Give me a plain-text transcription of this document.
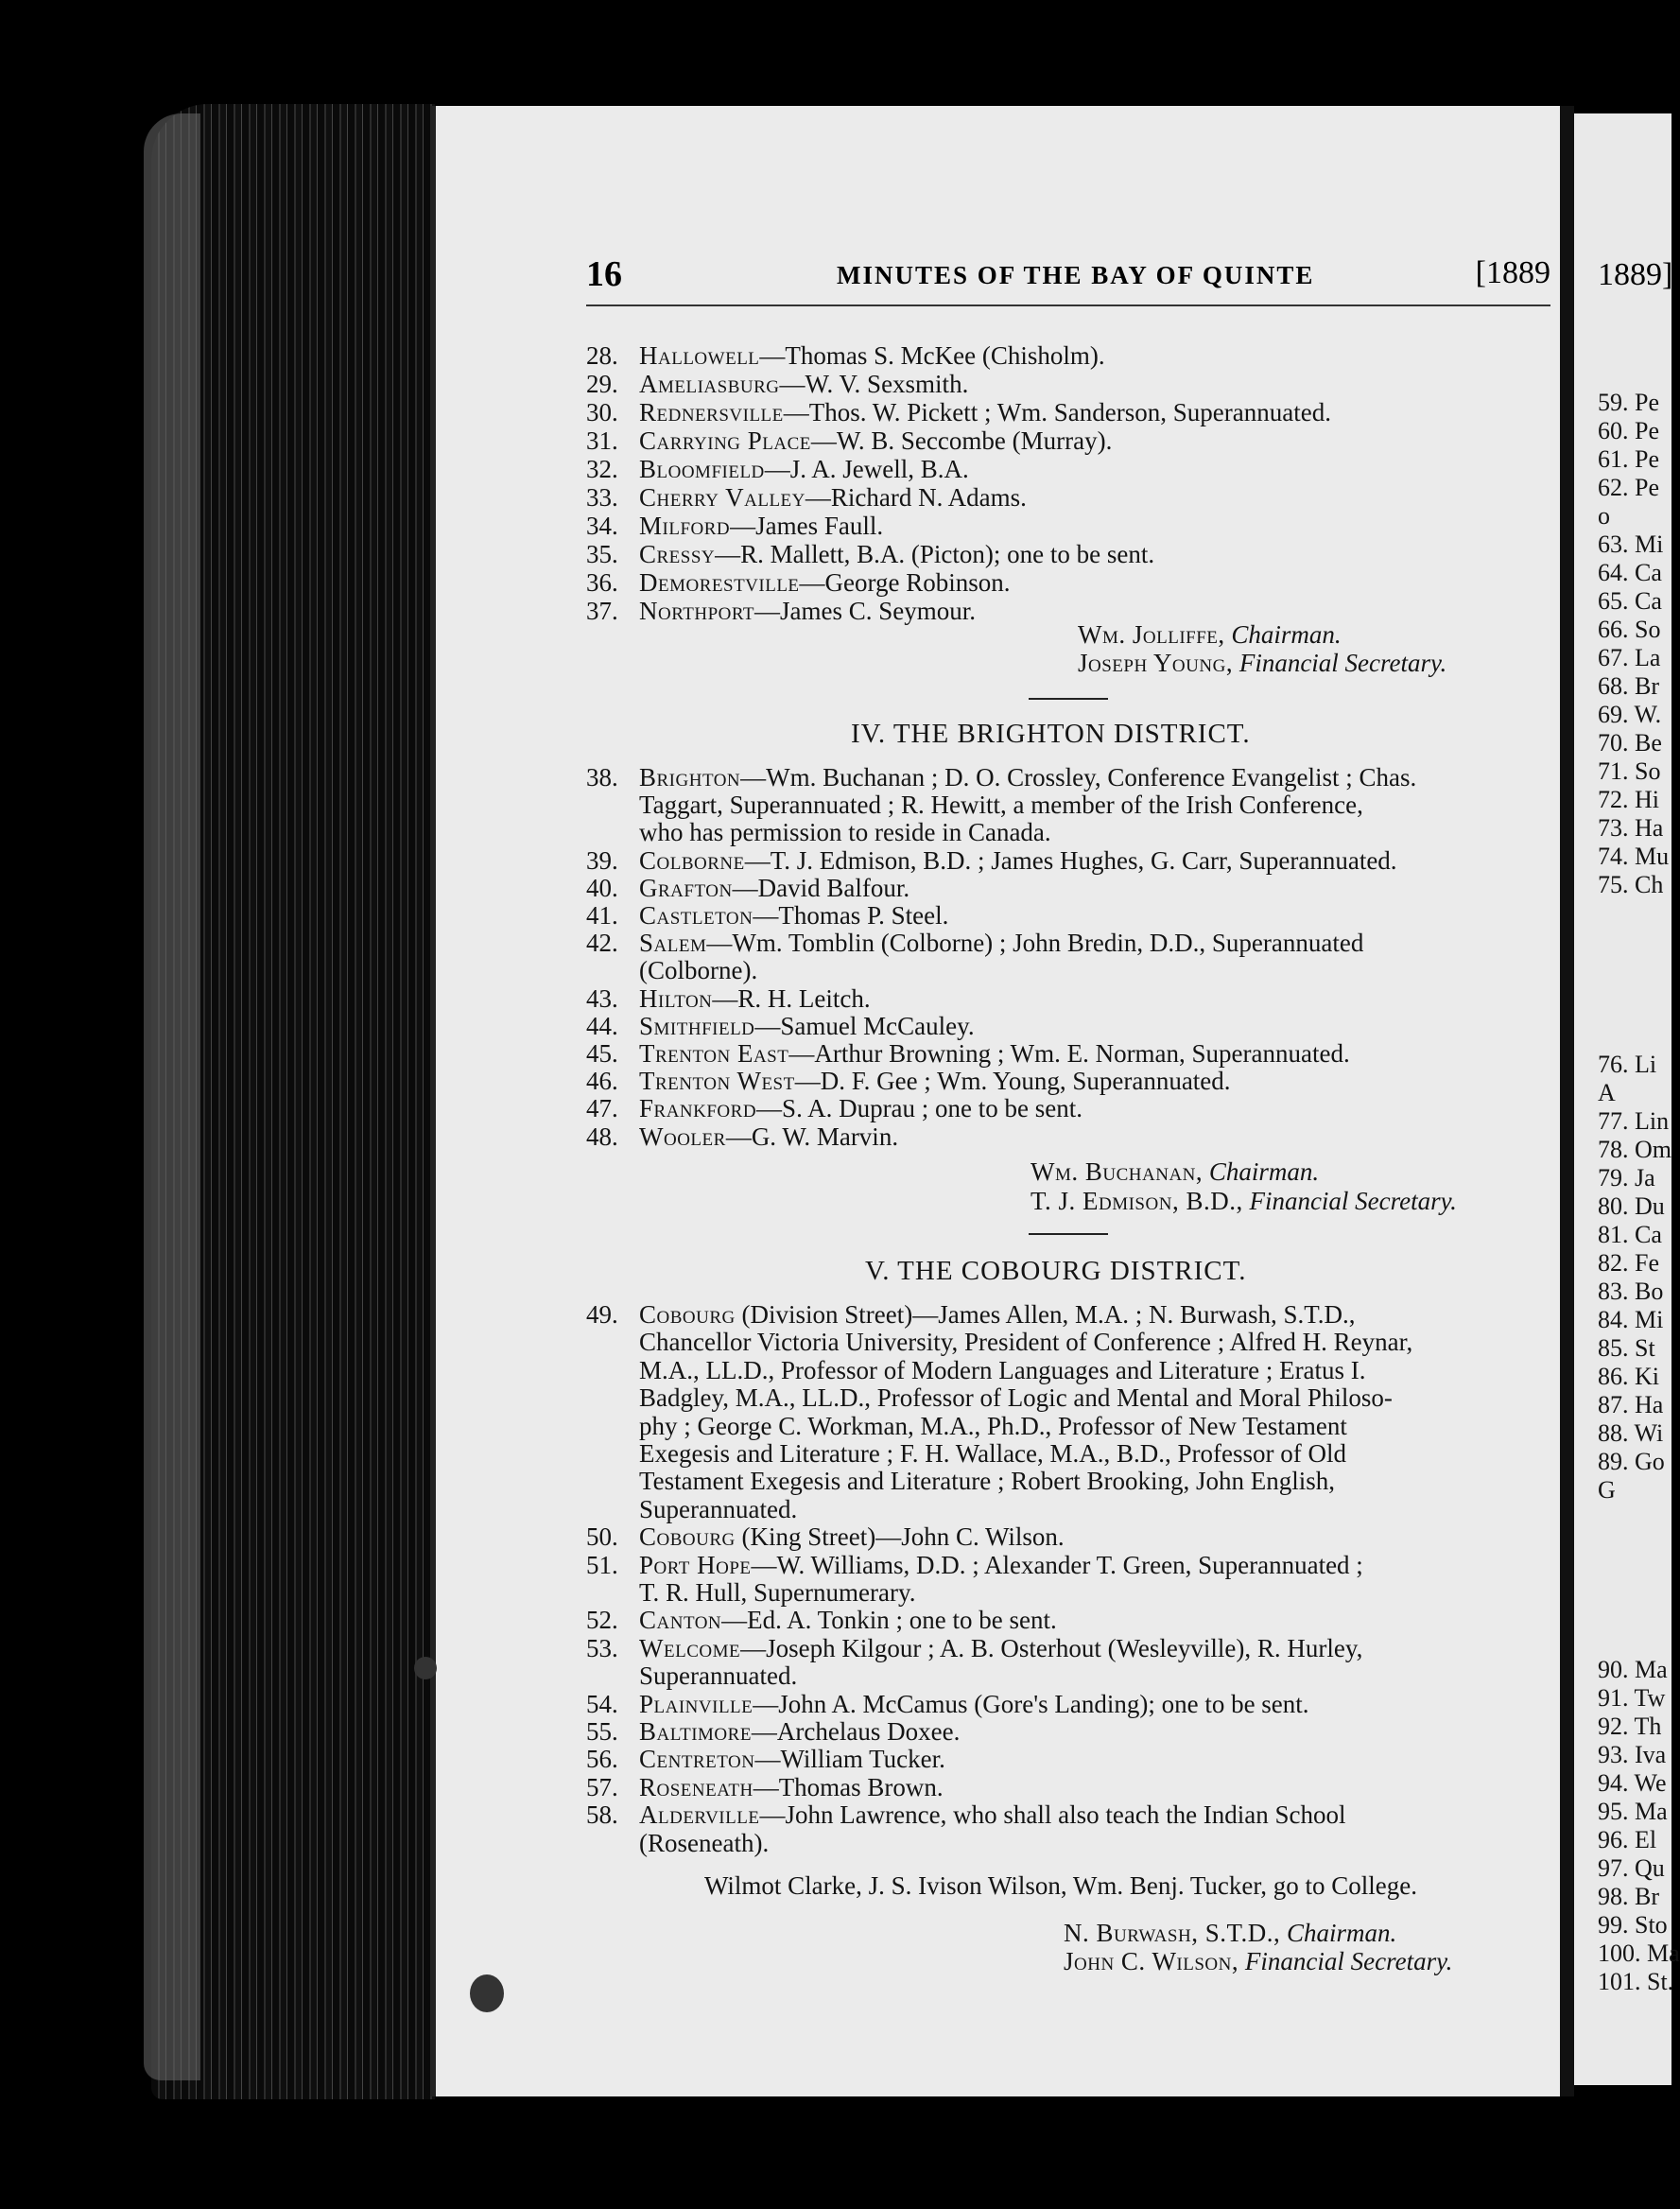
16	MINUTES OF THE BAY OF QUINTE	[1889
28. Hallowell—Thomas S. McKee (Chisholm).
29. Ameliasburg—W. V. Sexsmith.
30. Rednersville—Thos. W. Pickett ; Wm. Sanderson, Superannuated.
31. Carrying Place—W. B. Seccombe (Murray).
32. Bloomfield—J. A. Jewell, B.A.
33. Cherry Valley—Richard N. Adams.
34. Milford—James Faull.
35. Cressy—R. Mallett, B.A. (Picton); one to be sent.
36. Demorestville—George Robinson.
37. Northport—James C. Seymour.
Wm. Jolliffe, Chairman.
Joseph Young, Financial Secretary.
IV. THE BRIGHTON DISTRICT.
38. Brighton—Wm. Buchanan ; D. O. Crossley, Conference Evangelist ; Chas.
Taggart, Superannuated ; R. Hewitt, a member of the Irish Conference,
who has permission to reside in Canada.
39. Colborne—T. J. Edmison, B.D. ; James Hughes, G. Carr, Superannuated.
40. Grafton—David Balfour.
41. Castleton—Thomas P. Steel.
42. Salem—Wm. Tomblin (Colborne) ; John Bredin, D.D., Superannuated
(Colborne).
43. Hilton—R. H. Leitch.
44. Smithfield—Samuel McCauley.
45. Trenton East—Arthur Browning ; Wm. E. Norman, Superannuated.
46. Trenton West—D. F. Gee ; Wm. Young, Superannuated.
47. Frankford—S. A. Duprau ; one to be sent.
48. Wooler—G. W. Marvin.
Wm. Buchanan, Chairman.
T. J. Edmison, B.D., Financial Secretary.
V. THE COBOURG DISTRICT.
49. Cobourg (Division Street)—James Allen, M.A. ; N. Burwash, S.T.D.,
Chancellor Victoria University, President of Conference ; Alfred H. Reynar,
M.A., LL.D., Professor of Modern Languages and Literature ; Eratus I.
Badgley, M.A., LL.D., Professor of Logic and Mental and Moral Philoso-
phy ; George C. Workman, M.A., Ph.D., Professor of New Testament
Exegesis and Literature ; F. H. Wallace, M.A., B.D., Professor of Old
Testament Exegesis and Literature ; Robert Brooking, John English,
Superannuated.
50. Cobourg (King Street)—John C. Wilson.
51. Port Hope—W. Williams, D.D. ; Alexander T. Green, Superannuated ;
T. R. Hull, Supernumerary.
52. Canton—Ed. A. Tonkin ; one to be sent.
53. Welcome—Joseph Kilgour ; A. B. Osterhout (Wesleyville), R. Hurley,
Superannuated.
54. Plainville—John A. McCamus (Gore's Landing); one to be sent.
55. Baltimore—Archelaus Doxee.
56. Centreton—William Tucker.
57. Roseneath—Thomas Brown.
58. Alderville—John Lawrence, who shall also teach the Indian School
(Roseneath).
Wilmot Clarke, J. S. Ivison Wilson, Wm. Benj. Tucker, go to College.
N. Burwash, S.T.D., Chairman.
John C. Wilson, Financial Secretary.
1889]
59. Pe
60. Pe
61. Pe
62. Pe
o
63. Mi
64. Ca
65. Ca
66. So
67. La
68. Br
69. W.
70. Be
71. So
72. Hi
73. Ha
74. Mu
75. Ch
76. Li
A
77. Lin
78. Om
79. Ja
80. Du
81. Ca
82. Fe
83. Bo
84. Mi
85. St
86. Ki
87. Ha
88. Wi
89. Go
G
90. Ma
91. Tw
92. Th
93. Iva
94. We
95. Ma
96. El
97. Qu
98. Br
99. Sto
100. Ma
101. St.
